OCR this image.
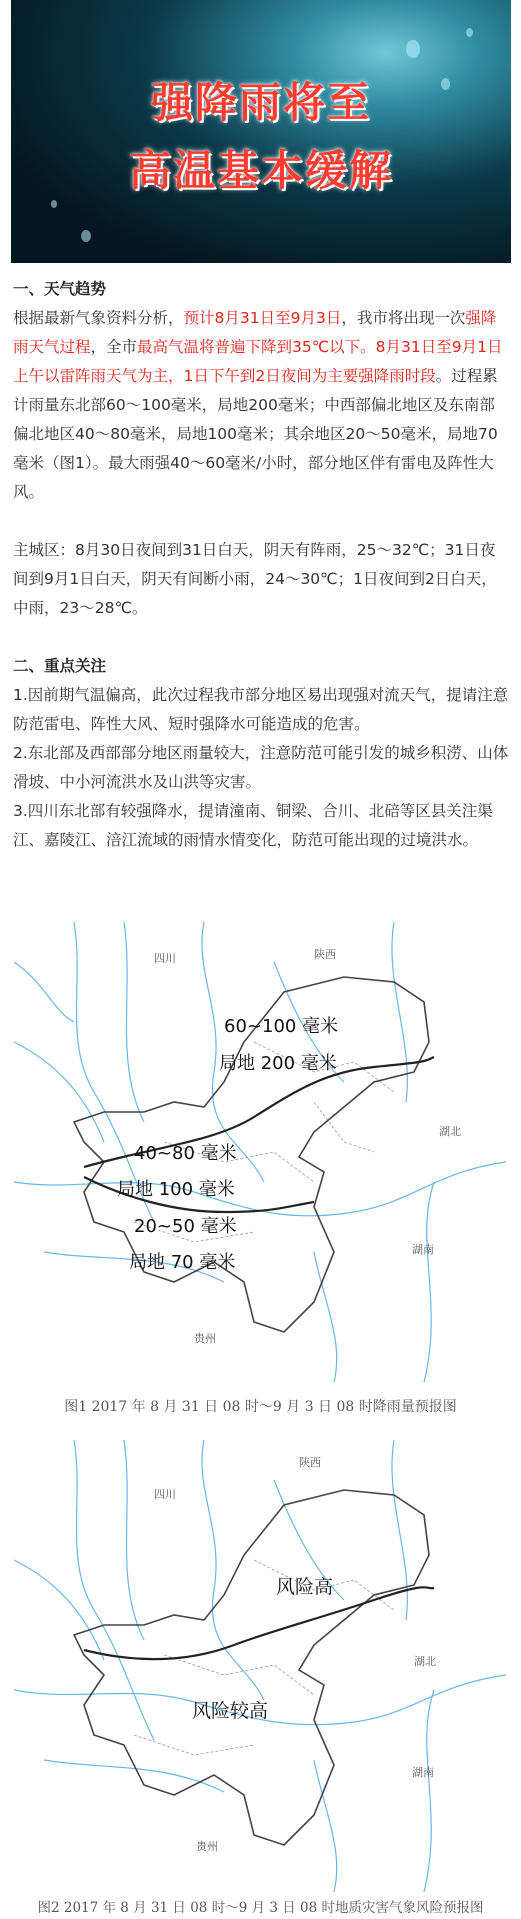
强降雨将至
高温基本缓解

一、天气趋势

根据最新气象资料分析，预计8月31日至9月3日，我市将出现一次强降雨天气过程，全市最高气温将普遍下降到35℃以下。8月31日至9月1日上午以雷阵雨天气为主，1日下午到2日夜间为主要强降雨时段。过程累计雨量东北部60～100毫米，局地200毫米；中西部偏北地区及东南部偏北地区40～80毫米，局地100毫米；其余地区20～50毫米，局地70毫米（图1）。最大雨强40～60毫米/小时，部分地区伴有雷电及阵性大风。

主城区：8月30日夜间到31日白天，阴天有阵雨，25～32℃；31日夜间到9月1日白天，阴天有间断小雨，24～30℃；1日夜间到2日白天，中雨，23～28℃。

二、重点关注

1.因前期气温偏高，此次过程我市部分地区易出现强对流天气，提请注意防范雷电、阵性大风、短时强降水可能造成的危害。

2.东北部及西部部分地区雨量较大，注意防范可能引发的城乡积涝、山体滑坡、中小河流洪水及山洪等灾害。

3.四川东北部有较强降水，提请潼南、铜梁、合川、北碚等区县关注渠江、嘉陵江、涪江流域的雨情水情变化，防范可能出现的过境洪水。

陕西
四川
湖北
湖南
贵州
60~100 毫米
局地 200 毫米
40~80 毫米
局地 100 毫米
20~50 毫米
局地 70 毫米
图1 2017 年 8 月 31 日 08 时～9 月 3 日 08 时降雨量预报图
陕西
四川
湖北
湖南
贵州
风险高
风险较高
图2 2017 年 8 月 31 日 08 时～9 月 3 日 08 时地质灾害气象风险预报图
